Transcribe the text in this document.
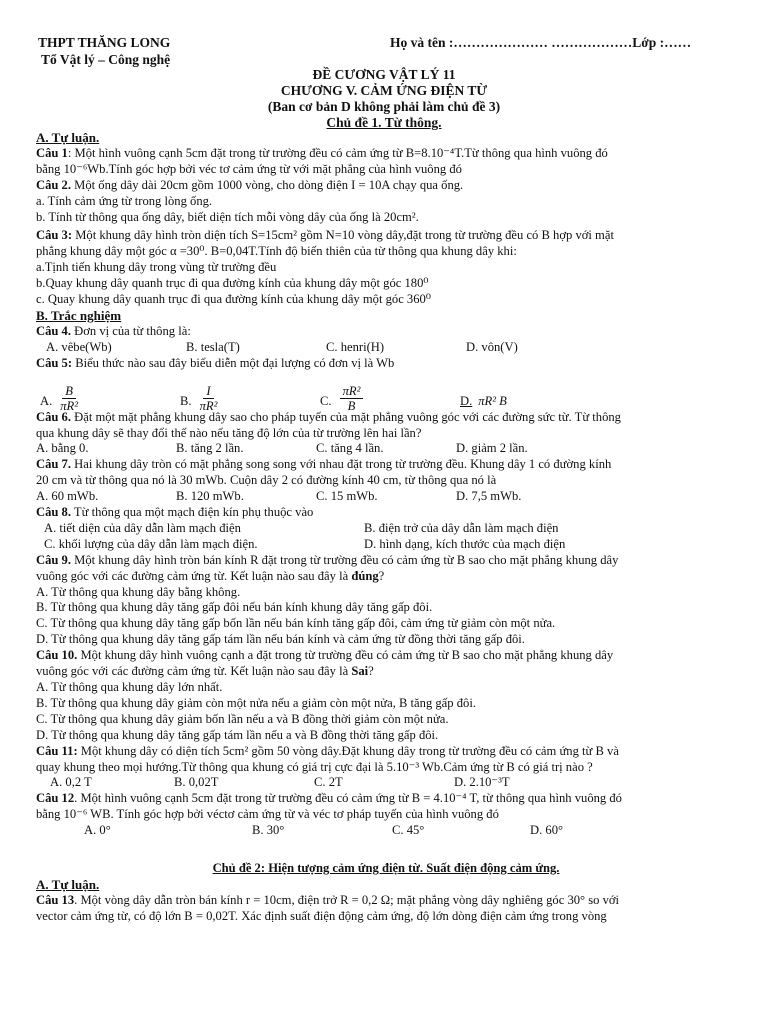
THPT THĂNG LONG
Tổ Vật lý – Công nghệ
Họ và tên :………………… ………………Lớp :……
ĐỀ CƯƠNG VẬT LÝ 11
CHƯƠNG V. CẢM ỨNG ĐIỆN TỪ
(Ban cơ bản D không phải làm chủ đề 3)
Chủ đề 1. Từ thông.
A. Tự luận.
Câu 1: Một hình vuông cạnh 5cm đặt trong từ trường đều có cảm ứng từ B=8.10⁻⁴T.Từ thông qua hình vuông đó
bằng 10⁻⁶Wb.Tính góc hợp bởi véc tơ cảm ứng từ với mặt phẳng của hình vuông đó
Câu 2. Một ống dây dài 20cm gồm 1000 vòng, cho dòng điện I = 10A chạy qua ống.
a. Tính cảm ứng từ trong lòng ống.
b. Tính từ thông qua ống dây, biết diện tích mỗi vòng dây của ống là 20cm².
Câu 3: Một khung dây hình tròn diện tích S=15cm² gồm N=10 vòng dây,đặt trong từ trường đều có B hợp với mặt
phẳng khung dây một góc α =30⁰. B=0,04T.Tính độ biến thiên của từ thông qua khung dây khi:
a.Tịnh tiến khung dây trong vùng từ trường đều
b.Quay khung dây quanh trục đi qua đường kính của khung dây một góc 180⁰
c. Quay khung dây quanh trục đi qua đường kính của khung dây một góc 360⁰
B. Trắc nghiệm
Câu 4. Đơn vị của từ thông là:
A. vêbe(Wb)	B. tesla(T)	C. henri(H)	D. vôn(V)
Câu 5: Biểu thức nào sau đây biểu diễn một đại lượng có đơn vị là Wb
A. $\frac{B}{\text{πR²}}$	B. $\frac{I}{\text{πR²}}$	C. $\frac{\text{πR²}}{B}$	D. πR² B
Câu 6. Đặt một mặt phẳng khung dây sao cho pháp tuyến của mặt phẳng vuông góc với các đường sức từ. Từ thông
qua khung dây sẽ thay đổi thế nào nếu tăng độ lớn của từ trường lên hai lần?
A. bằng 0.	B. tăng 2 lần.	C. tăng 4 lần.	D. giảm 2 lần.
Câu 7. Hai khung dây tròn có mặt phẳng song song với nhau đặt trong từ trường đều. Khung dây 1 có đường kính
20 cm và từ thông qua nó là 30 mWb. Cuộn dây 2 có đường kính 40 cm, từ thông qua nó là
A. 60 mWb.	B. 120 mWb.	C. 15 mWb.	D. 7,5 mWb.
Câu 8. Từ thông qua một mạch điện kín phụ thuộc vào
A. tiết diện của dây dẫn làm mạch điện	B. điện trở của dây dẫn làm mạch điện
C. khối lượng của dây dẫn làm mạch điện.	D. hình dạng, kích thước của mạch điện
Câu 9. Một khung dây hình tròn bán kính R đặt trong từ trường đều có cảm ứng từ B sao cho mặt phẳng khung dây
vuông góc với các đường cảm ứng từ. Kết luận nào sau đây là đúng?
A. Từ thông qua khung dây bằng không.
B. Từ thông qua khung dây tăng gấp đôi nếu bán kính khung dây tăng gấp đôi.
C. Từ thông qua khung dây tăng gấp bốn lần nếu bán kính tăng gấp đôi, cảm ứng từ giảm còn một nửa.
D. Từ thông qua khung dây tăng gấp tám lần nếu bán kính và cảm ứng từ đồng thời tăng gấp đôi.
Câu 10. Một khung dây hình vuông cạnh a đặt trong từ trường đều có cảm ứng từ B sao cho mặt phẳng khung dây
vuông góc với các đường cảm ứng từ. Kết luận nào sau đây là Sai?
A. Từ thông qua khung dây lớn nhất.
B. Từ thông qua khung dây giảm còn một nửa nếu a giảm còn một nửa, B tăng gấp đôi.
C. Từ thông qua khung dây giảm bốn lần nếu a và B đồng thời giảm còn một nửa.
D. Từ thông qua khung dây tăng gấp tám lần nếu a và B đồng thời tăng gấp đôi.
Câu 11: Một khung dây có diện tích 5cm² gồm 50 vòng dây.Đặt khung dây trong từ trường đều có cảm ứng từ B và
quay khung theo mọi hướng.Từ thông qua khung có giá trị cực đại là 5.10⁻³ Wb.Cảm ứng từ B có giá trị nào ?
A. 0,2 T	B. 0,02T	C. 2T	D. 2.10⁻³T
Câu 12. Một hình vuông cạnh 5cm đặt trong từ trường đều có cảm ứng từ B = 4.10⁻⁴ T, từ thông qua hình vuông đó
bằng 10⁻⁶ WB. Tính góc hợp bởi véctơ cảm ứng từ và véc tơ pháp tuyến của hình vuông đó
A. 0°	B. 30°	C. 45°	D. 60°
Chủ đề 2: Hiện tượng cảm ứng điện từ. Suất điện động cảm ứng.
A. Tự luận.
Câu 13. Một vòng dây dẫn tròn bán kính r = 10cm, điện trở R = 0,2 Ω; mặt phẳng vòng dây nghiêng góc 30° so với
vector cảm ứng từ, có độ lớn B = 0,02T. Xác định suất điện động cảm ứng, độ lớn dòng điện cảm ứng trong vòng
